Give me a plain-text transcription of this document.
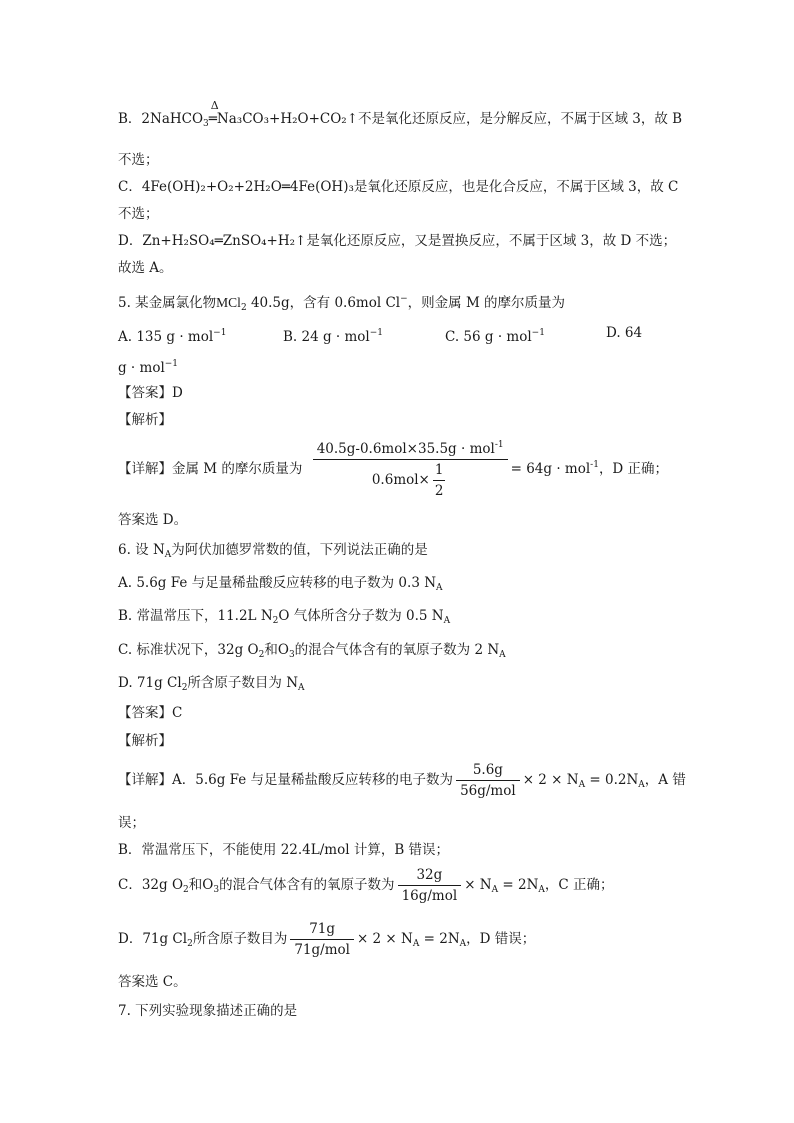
B．2NaHCO$_3$
Δ
═Na₃CO₃+H₂O+CO₂↑不是氧化还原反应，是分解反应，不属于区域 3，故 B
不选；
C．4Fe(OH)₂+O₂+2H₂O═4Fe(OH)₃是氧化还原反应，也是化合反应，不属于区域 3，故 C
不选；
D．Zn+H₂SO₄═ZnSO₄+H₂↑是氧化还原反应，又是置换反应，不属于区域 3，故 D 不选；
故选 A。
5. 某金属氯化物MCl$_2$ 40.5g，含有 0.6mol Cl−，则金属 M 的摩尔质量为
A. 135 g · mol$^{-1}$	B. 24 g · mol$^{-1}$	C. 56 g · mol$^{-1}$	D. 64
g · mol$^{-1}$
【答案】D
【解析】
【详解】金属 M 的摩尔质量为 $\frac{40.5g-0.6mol\times 35.5g \cdot mol^{-1}}{0.6mol\times \frac{1}{2}} = 64g \cdot mol^{-1}$，D 正确；
答案选 D。
6. 设 $N_A$为阿伏加德罗常数的值，下列说法正确的是
A. 5.6g Fe 与足量稀盐酸反应转移的电子数为 0.3 $N_A$
B. 常温常压下，11.2L $N_2O$ 气体所含分子数为 0.5 $N_A$
C. 标准状况下，32g $O_2$和$O_3$的混合气体含有的氧原子数为 2 $N_A$
D. 71g $Cl_2$所含原子数目为 $N_A$
【答案】C
【解析】
【详解】A．5.6g Fe 与足量稀盐酸反应转移的电子数为 $\frac{5.6g}{\text{56g/mol}} \times 2 \times N_A = 0.2N_A$，A 错
误；
B．常温常压下，不能使用 22.4L/mol 计算，B 错误；
C．32g $O_2$和$O_3$的混合气体含有的氧原子数为 $\frac{32g}{\text{16g/mol}} \times N_A = 2N_A$，C 正确；
D．71g $Cl_2$所含原子数目为 $\frac{71g}{\text{71g/mol}} \times 2 \times N_A = 2N_A$，D 错误；
答案选 C。
7. 下列实验现象描述正确的是
